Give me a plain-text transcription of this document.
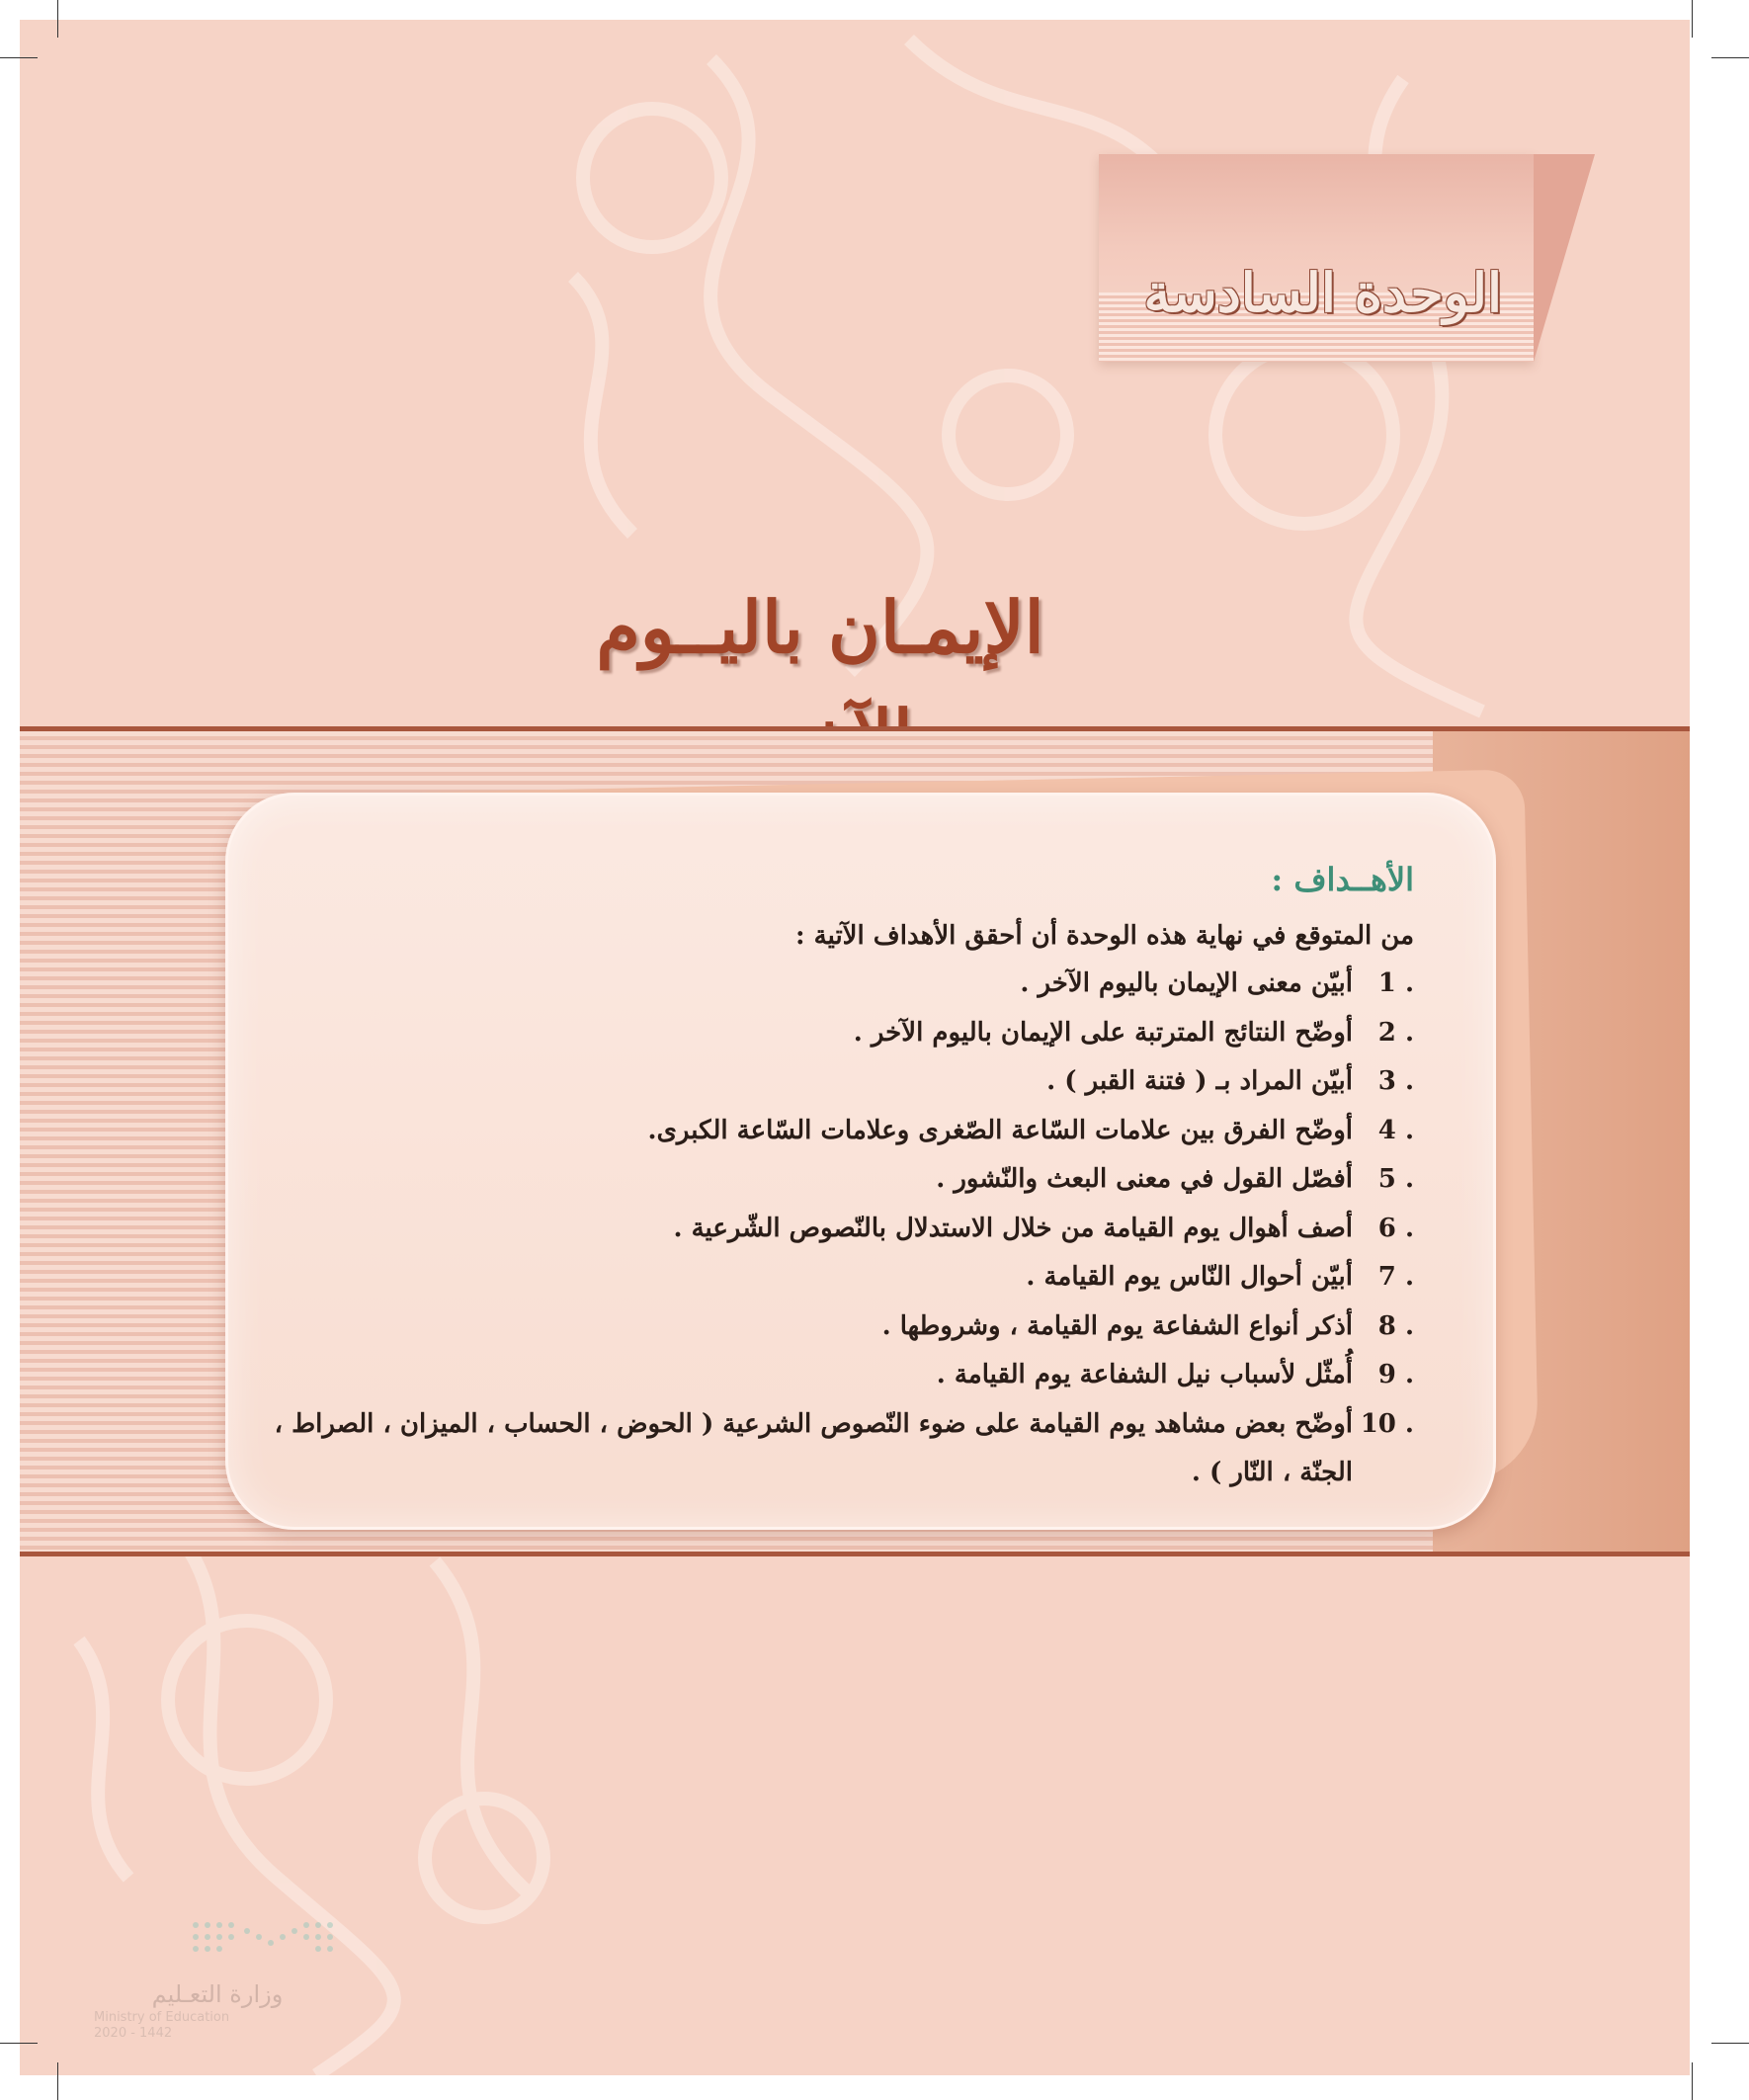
الوحدة السادسة
الإيمـان باليــوم
الأهــداف :

من المتوقع في نهاية هذه الوحدة أن أحقق الأهداف الآتية :

1 .
أبيّن معنى الإيمان باليوم الآخر .
2 .
أوضّح النتائج المترتبة على الإيمان باليوم الآخر .
3 .
أبيّن المراد بـ ( فتنة القبر ) .
4 .
أوضّح الفرق بين علامات السّاعة الصّغرى وعلامات السّاعة الكبرى.
5 .
أفصّل القول في معنى البعث والنّشور .
6 .
أصف أهوال يوم القيامة من خلال الاستدلال بالنّصوص الشّرعية .
7 .
أبيّن أحوال النّاس يوم القيامة .
8 .
أذكر أنواع الشفاعة يوم القيامة ، وشروطها .
9 .
أُمثّل لأسباب نيل الشفاعة يوم القيامة .
10 .
أوضّح بعض مشاهد يوم القيامة على ضوء النّصوص الشرعية ( الحوض ، الحساب ، الميزان ، الصراط ، الجنّة ، النّار ) .
وزارة التعـليم
Ministry of Education
2020 - 1442
